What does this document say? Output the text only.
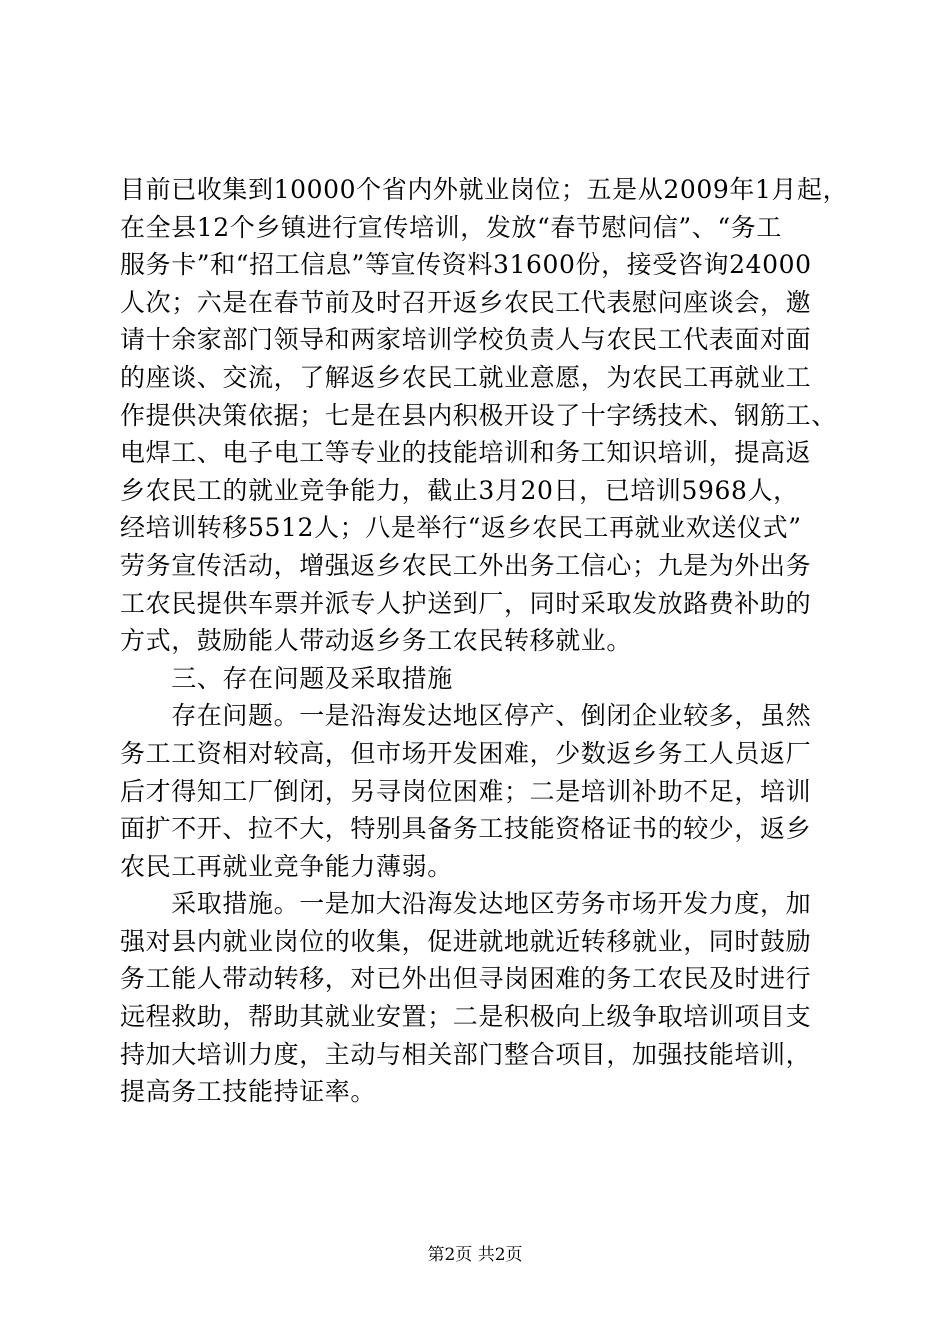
目前已收集到10000个省内外就业岗位；五是从2009年1月起，
在全县12个乡镇进行宣传培训，发放“春节慰问信”、“务工
服务卡”和“招工信息”等宣传资料31600份，接受咨询24000
人次；六是在春节前及时召开返乡农民工代表慰问座谈会，邀
请十余家部门领导和两家培训学校负责人与农民工代表面对面
的座谈、交流，了解返乡农民工就业意愿，为农民工再就业工
作提供决策依据；七是在县内积极开设了十字绣技术、钢筋工、
电焊工、电子电工等专业的技能培训和务工知识培训，提高返
乡农民工的就业竞争能力，截止3月20日，已培训5968人，
经培训转移5512人；八是举行“返乡农民工再就业欢送仪式”
劳务宣传活动，增强返乡农民工外出务工信心；九是为外出务
工农民提供车票并派专人护送到厂，同时采取发放路费补助的
方式，鼓励能人带动返乡务工农民转移就业。
　　三、存在问题及采取措施
　　存在问题。一是沿海发达地区停产、倒闭企业较多，虽然
务工工资相对较高，但市场开发困难，少数返乡务工人员返厂
后才得知工厂倒闭，另寻岗位困难；二是培训补助不足，培训
面扩不开、拉不大，特别具备务工技能资格证书的较少，返乡
农民工再就业竞争能力薄弱。
　　采取措施。一是加大沿海发达地区劳务市场开发力度，加
强对县内就业岗位的收集，促进就地就近转移就业，同时鼓励
务工能人带动转移，对已外出但寻岗困难的务工农民及时进行
远程救助，帮助其就业安置；二是积极向上级争取培训项目支
持加大培训力度，主动与相关部门整合项目，加强技能培训，
提高务工技能持证率。
第2页 共2页
